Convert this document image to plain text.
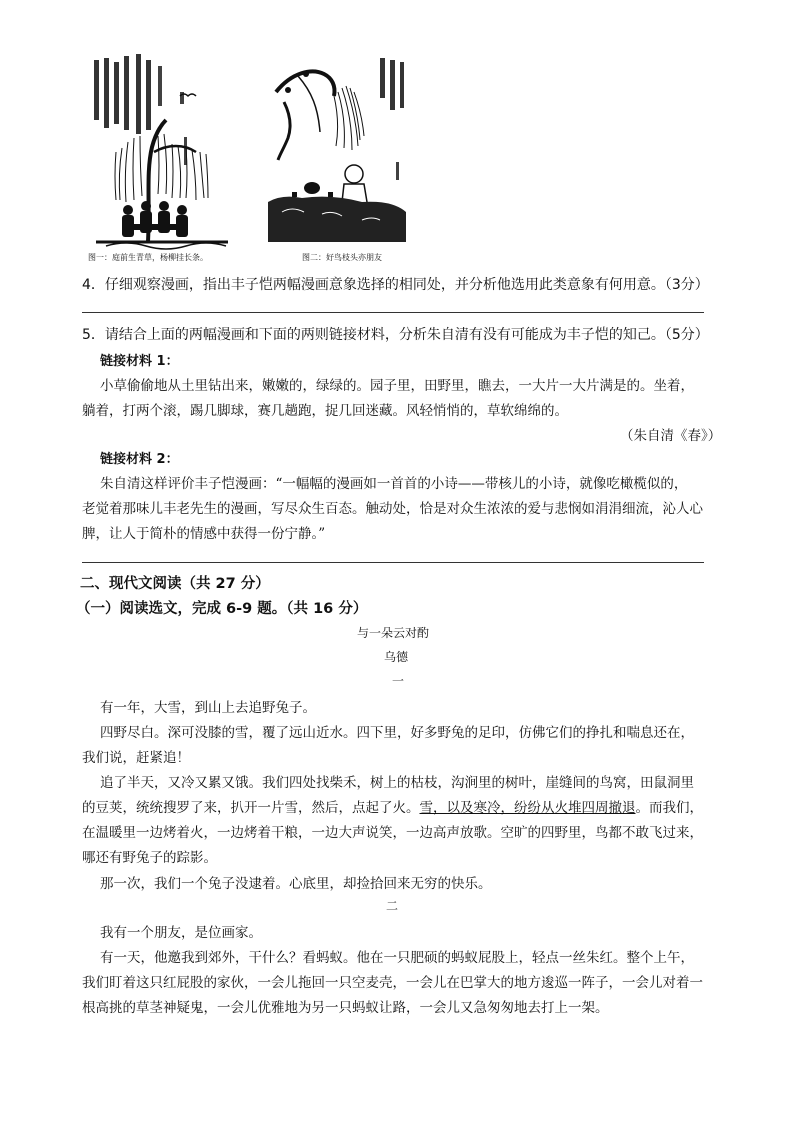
图一：庭前生青草，杨柳挂长条。	图二：好鸟枝头亦朋友
4．仔细观察漫画，指出丰子恺两幅漫画意象选择的相同处，并分析他选用此类意象有何用意。（3分）
5．请结合上面的两幅漫画和下面的两则链接材料，分析朱自清有没有可能成为丰子恺的知己。（5分）
链接材料 1：
小草偷偷地从土里钻出来，嫩嫩的，绿绿的。园子里，田野里，瞧去，一大片一大片满是的。坐着，
躺着，打两个滚，踢几脚球，赛几趟跑，捉几回迷藏。风轻悄悄的，草软绵绵的。
（朱自清《春》）
链接材料 2：
朱自清这样评价丰子恺漫画：“一幅幅的漫画如一首首的小诗——带核儿的小诗，就像吃橄榄似的，
老觉着那味儿丰老先生的漫画，写尽众生百态。触动处，恰是对众生浓浓的爱与悲悯如涓涓细流，沁人心
脾，让人于简朴的情感中获得一份宁静。”
二、现代文阅读（共 27 分）
（一）阅读选文，完成 6-9 题。（共 16 分）
与一朵云对酌
乌德
一
有一年，大雪，到山上去追野兔子。
四野尽白。深可没膝的雪，覆了远山近水。四下里，好多野兔的足印，仿佛它们的挣扎和喘息还在，
我们说，赶紧追！
追了半天，又冷又累又饿。我们四处找柴禾，树上的枯枝，沟涧里的树叶，崖缝间的鸟窝，田鼠洞里
的豆荚，统统搜罗了来，扒开一片雪，然后，点起了火。雪，以及寒冷，纷纷从火堆四周撤退。而我们，
在温暖里一边烤着火，一边烤着干粮，一边大声说笑，一边高声放歌。空旷的四野里，鸟都不敢飞过来，
哪还有野兔子的踪影。
那一次，我们一个兔子没逮着。心底里，却捡拾回来无穷的快乐。
二
我有一个朋友，是位画家。
有一天，他邀我到郊外，干什么？看蚂蚁。他在一只肥硕的蚂蚁屁股上，轻点一丝朱红。整个上午，
我们盯着这只红屁股的家伙，一会儿拖回一只空麦壳，一会儿在巴掌大的地方逡巡一阵子，一会儿对着一
根高挑的草茎神疑鬼，一会儿优雅地为另一只蚂蚁让路，一会儿又急匆匆地去打上一架。
